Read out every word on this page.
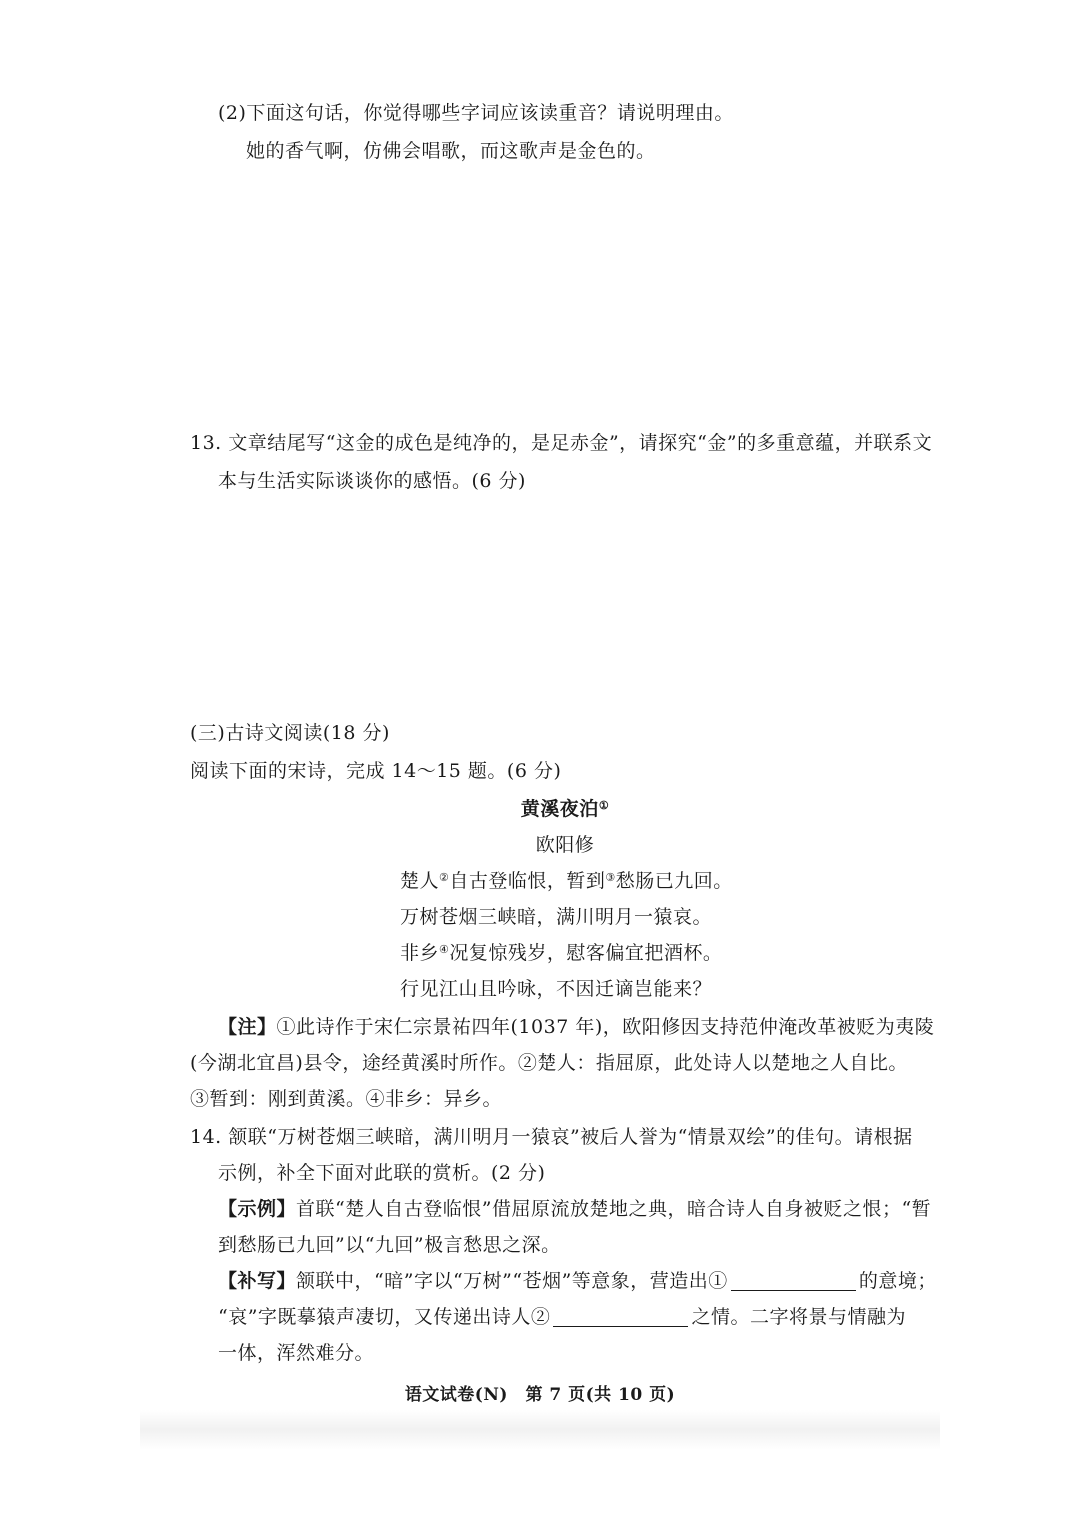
(2)下面这句话，你觉得哪些字词应该读重音？请说明理由。
她的香气啊，仿佛会唱歌，而这歌声是金色的。
13. 文章结尾写“这金的成色是纯净的，是足赤金”，请探究“金”的多重意蕴，并联系文
本与生活实际谈谈你的感悟。(6 分)
(三)古诗文阅读(18 分)
阅读下面的宋诗，完成 14～15 题。(6 分)
黄溪夜泊①
欧阳修
楚人②自古登临恨，暂到③愁肠已九回。
万树苍烟三峡暗，满川明月一猿哀。
非乡④况复惊残岁，慰客偏宜把酒杯。
行见江山且吟咏，不因迁谪岂能来？
【注】①此诗作于宋仁宗景祐四年(1037 年)，欧阳修因支持范仲淹改革被贬为夷陵
(今湖北宜昌)县令，途经黄溪时所作。②楚人：指屈原，此处诗人以楚地之人自比。
③暂到：刚到黄溪。④非乡：异乡。
14. 颔联“万树苍烟三峡暗，满川明月一猿哀”被后人誉为“情景双绘”的佳句。请根据
示例，补全下面对此联的赏析。(2 分)
【示例】首联“楚人自古登临恨”借屈原流放楚地之典，暗合诗人自身被贬之恨；“暂
到愁肠已九回”以“九回”极言愁思之深。
【补写】颔联中，“暗”字以“万树”“苍烟”等意象，营造出①	的意境；
“哀”字既摹猿声凄切，又传递出诗人②	之情。二字将景与情融为
一体，浑然难分。
语文试卷(N)　第 7 页(共 10 页)
